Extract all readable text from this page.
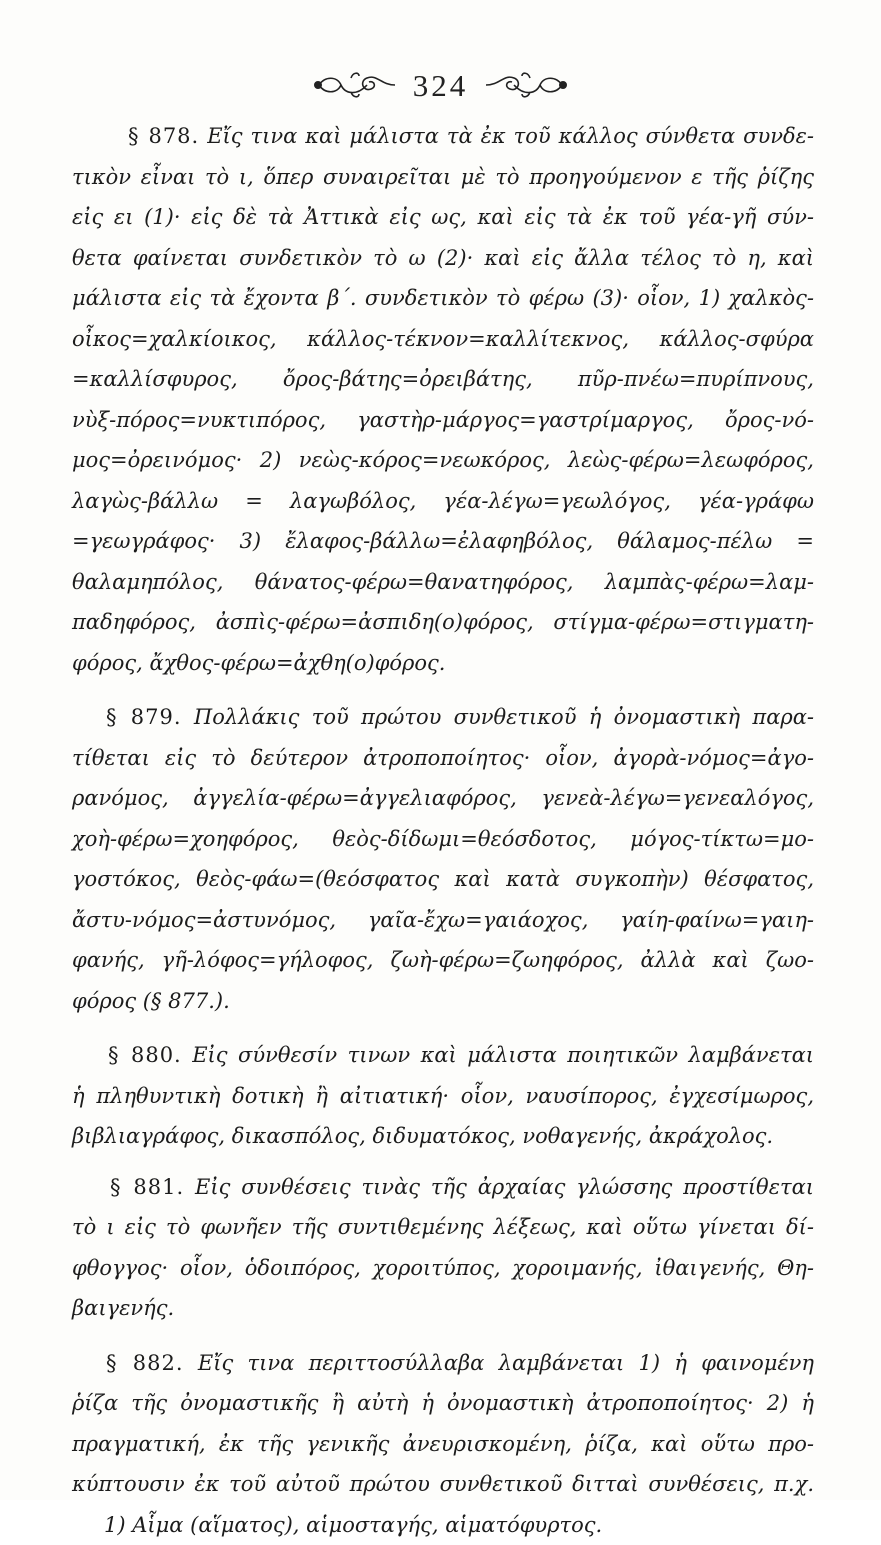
324
§ 878. Εἴς τινα καὶ μάλιστα τὰ ἐκ τοῦ κάλλος σύνθετα συνδε-
τικὸν εἶναι τὸ ι, ὅπερ συναιρεῖται μὲ τὸ προηγούμενον ε τῆς ῥίζης
εἰς ει (1)· εἰς δὲ τὰ Ἀττικὰ εἰς ως, καὶ εἰς τὰ ἐκ τοῦ γέα-γῆ σύν-
θετα φαίνεται συνδετικὸν τὸ ω (2)· καὶ εἰς ἄλλα τέλος τὸ η, καὶ
μάλιστα εἰς τὰ ἔχοντα β΄. συνδετικὸν τὸ φέρω (3)· οἷον, 1) χαλκὸς-
οἶκος=χαλκίοικος, κάλλος-τέκνον=καλλίτεκνος, κάλλος-σφύρα
=καλλίσφυρος, ὄρος-βάτης=ὀρειβάτης, πῦρ-πνέω=πυρίπνους,
νὺξ-πόρος=νυκτιπόρος, γαστὴρ-μάργος=γαστρίμαργος, ὄρος-νό-
μος=ὀρεινόμος· 2) νεὼς-κόρος=νεωκόρος, λεὼς-φέρω=λεωφόρος,
λαγὼς-βάλλω = λαγωβόλος, γέα-λέγω=γεωλόγος, γέα-γράφω
=γεωγράφος· 3) ἔλαφος-βάλλω=ἐλαφηβόλος, θάλαμος-πέλω =
θαλαμηπόλος, θάνατος-φέρω=θανατηφόρος, λαμπὰς-φέρω=λαμ-
παδηφόρος, ἀσπὶς-φέρω=ἀσπιδη(ο)φόρος, στίγμα-φέρω=στιγματη-
φόρος, ἄχθος-φέρω=ἀχθη(ο)φόρος.
§ 879. Πολλάκις τοῦ πρώτου συνθετικοῦ ἡ ὀνομαστικὴ παρα-
τίθεται εἰς τὸ δεύτερον ἀτροποποίητος· οἷον, ἀγορὰ-νόμος=ἀγο-
ρανόμος, ἀγγελία-φέρω=ἀγγελιαφόρος, γενεὰ-λέγω=γενεαλόγος,
χοὴ-φέρω=χοηφόρος, θεὸς-δίδωμι=θεόσδοτος, μόγος-τίκτω=μο-
γοστόκος, θεὸς-φάω=(θεόσφατος καὶ κατὰ συγκοπὴν) θέσφατος,
ἄστυ-νόμος=ἀστυνόμος, γαῖα-ἔχω=γαιάοχος, γαίη-φαίνω=γαιη-
φανής, γῆ-λόφος=γήλοφος, ζωὴ-φέρω=ζωηφόρος, ἀλλὰ καὶ ζωο-
φόρος (§ 877.).
§ 880. Εἰς σύνθεσίν τινων καὶ μάλιστα ποιητικῶν λαμβάνεται
ἡ πληθυντικὴ δοτικὴ ἢ αἰτιατική· οἷον, ναυσίπορος, ἐγχεσίμωρος,
βιβλιαγράφος, δικασπόλος, διδυματόκος, νοθαγενής, ἀκράχολος.
§ 881. Εἰς συνθέσεις τινὰς τῆς ἀρχαίας γλώσσης προστίθεται
τὸ ι εἰς τὸ φωνῆεν τῆς συντιθεμένης λέξεως, καὶ οὕτω γίνεται δί-
φθογγος· οἷον, ὁδοιπόρος, χοροιτύπος, χοροιμανής, ἰθαιγενής, Θη-
βαιγενής.
§ 882. Εἴς τινα περιττοσύλλαβα λαμβάνεται 1) ἡ φαινομένη
ῥίζα τῆς ὀνομαστικῆς ἢ αὐτὴ ἡ ὀνομαστικὴ ἀτροποποίητος· 2) ἡ
πραγματική, ἐκ τῆς γενικῆς ἀνευρισκομένη, ῥίζα, καὶ οὕτω προ-
κύπτουσιν ἐκ τοῦ αὐτοῦ πρώτου συνθετικοῦ διτταὶ συνθέσεις, π.χ.
1) Αἷμα (αἵματος), αἱμοσταγής, αἱματόφυρτος.
